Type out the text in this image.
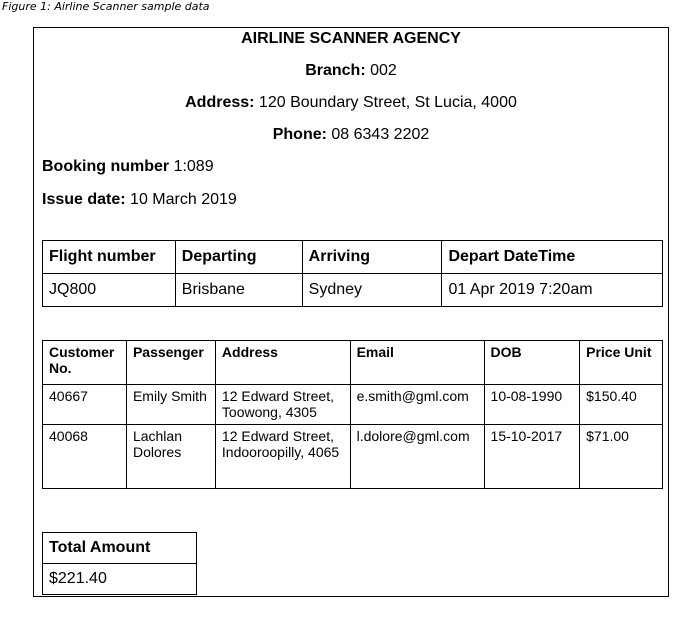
Figure 1: Airline Scanner sample data
AIRLINE SCANNER AGENCY
Branch: 002
Address: 120 Boundary Street, St Lucia, 4000
Phone: 08 6343 2202
Booking number 1:089
Issue date: 10 March 2019
Flight number	Departing	Arriving	Depart DateTime
JQ800	Brisbane	Sydney	01 Apr 2019 7:20am
Customer No.	Passenger	Address	Email	DOB	Price Unit
40667	Emily Smith	12 Edward Street, Toowong, 4305	e.smith@gml.com	10-08-1990	$150.40
40068	Lachlan Dolores	12 Edward Street, Indooroopilly, 4065	l.dolore@gml.com	15-10-2017	$71.00
Total Amount
$221.40
